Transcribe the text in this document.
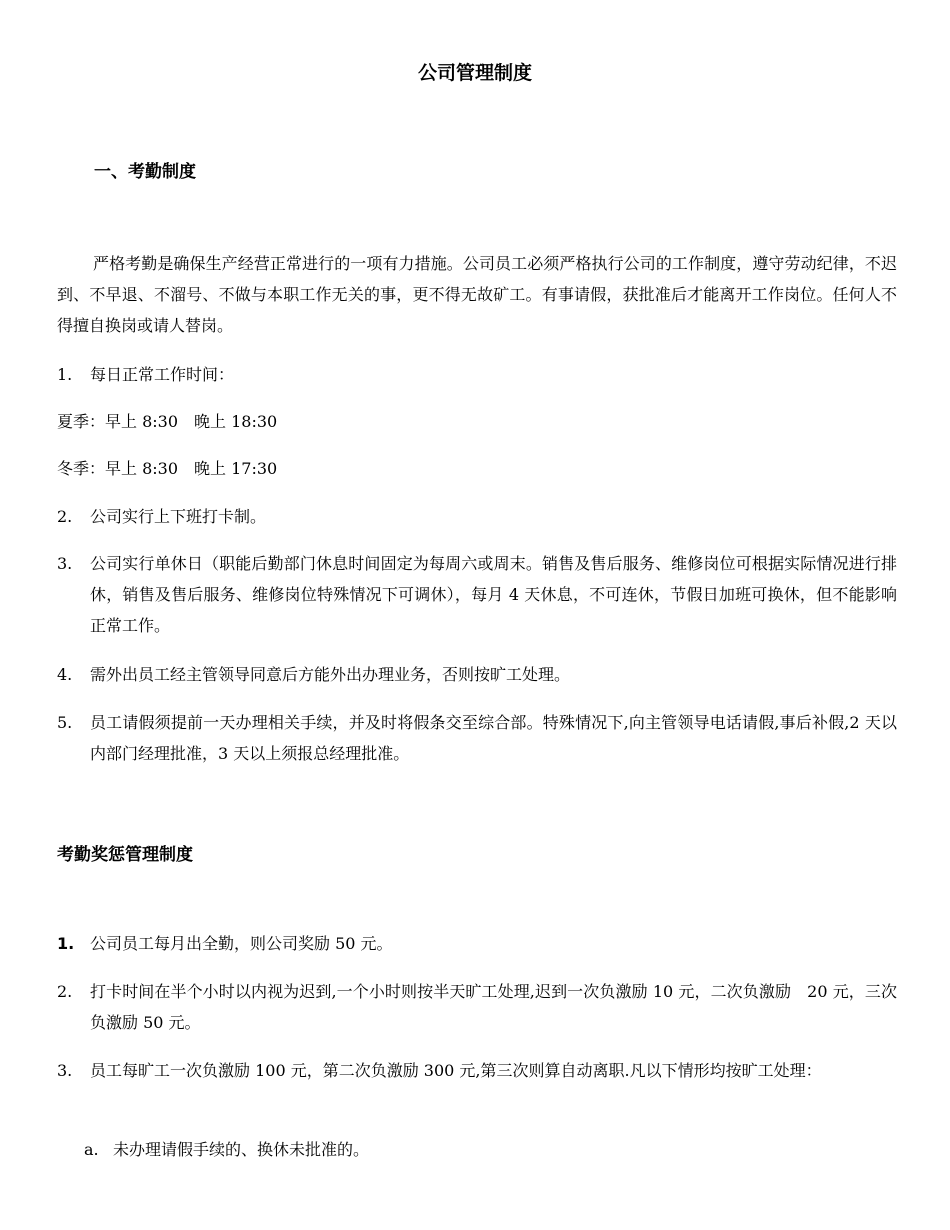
公司管理制度
一、考勤制度
严格考勤是确保生产经营正常进行的一项有力措施。公司员工必须严格执行公司的工作制度，遵守劳动纪律，不迟到、不早退、不溜号、不做与本职工作无关的事，更不得无故矿工。有事请假，获批准后才能离开工作岗位。任何人不得擅自换岗或请人替岗。
1.	每日正常工作时间：
夏季：早上 8:30　晚上 18:30
冬季：早上 8:30　晚上 17:30
2.	公司实行上下班打卡制。
3.	公司实行单休日（职能后勤部门休息时间固定为每周六或周末。销售及售后服务、维修岗位可根据实际情况进行排休，销售及售后服务、维修岗位特殊情况下可调休），每月 4 天休息，不可连休，节假日加班可换休，但不能影响正常工作。
4.	需外出员工经主管领导同意后方能外出办理业务，否则按旷工处理。
5.	员工请假须提前一天办理相关手续，并及时将假条交至综合部。特殊情况下,向主管领导电话请假,事后补假,2 天以内部门经理批准，3 天以上须报总经理批准。
考勤奖惩管理制度
1. 公司员工每月出全勤，则公司奖励 50 元。
2.	打卡时间在半个小时以内视为迟到,一个小时则按半天旷工处理,迟到一次负激励 10 元，二次负激励　20 元，三次负激励 50 元。
3.	员工每旷工一次负激励 100 元，第二次负激励 300 元,第三次则算自动离职.凡以下情形均按旷工处理：
a. 未办理请假手续的、换休未批准的。
